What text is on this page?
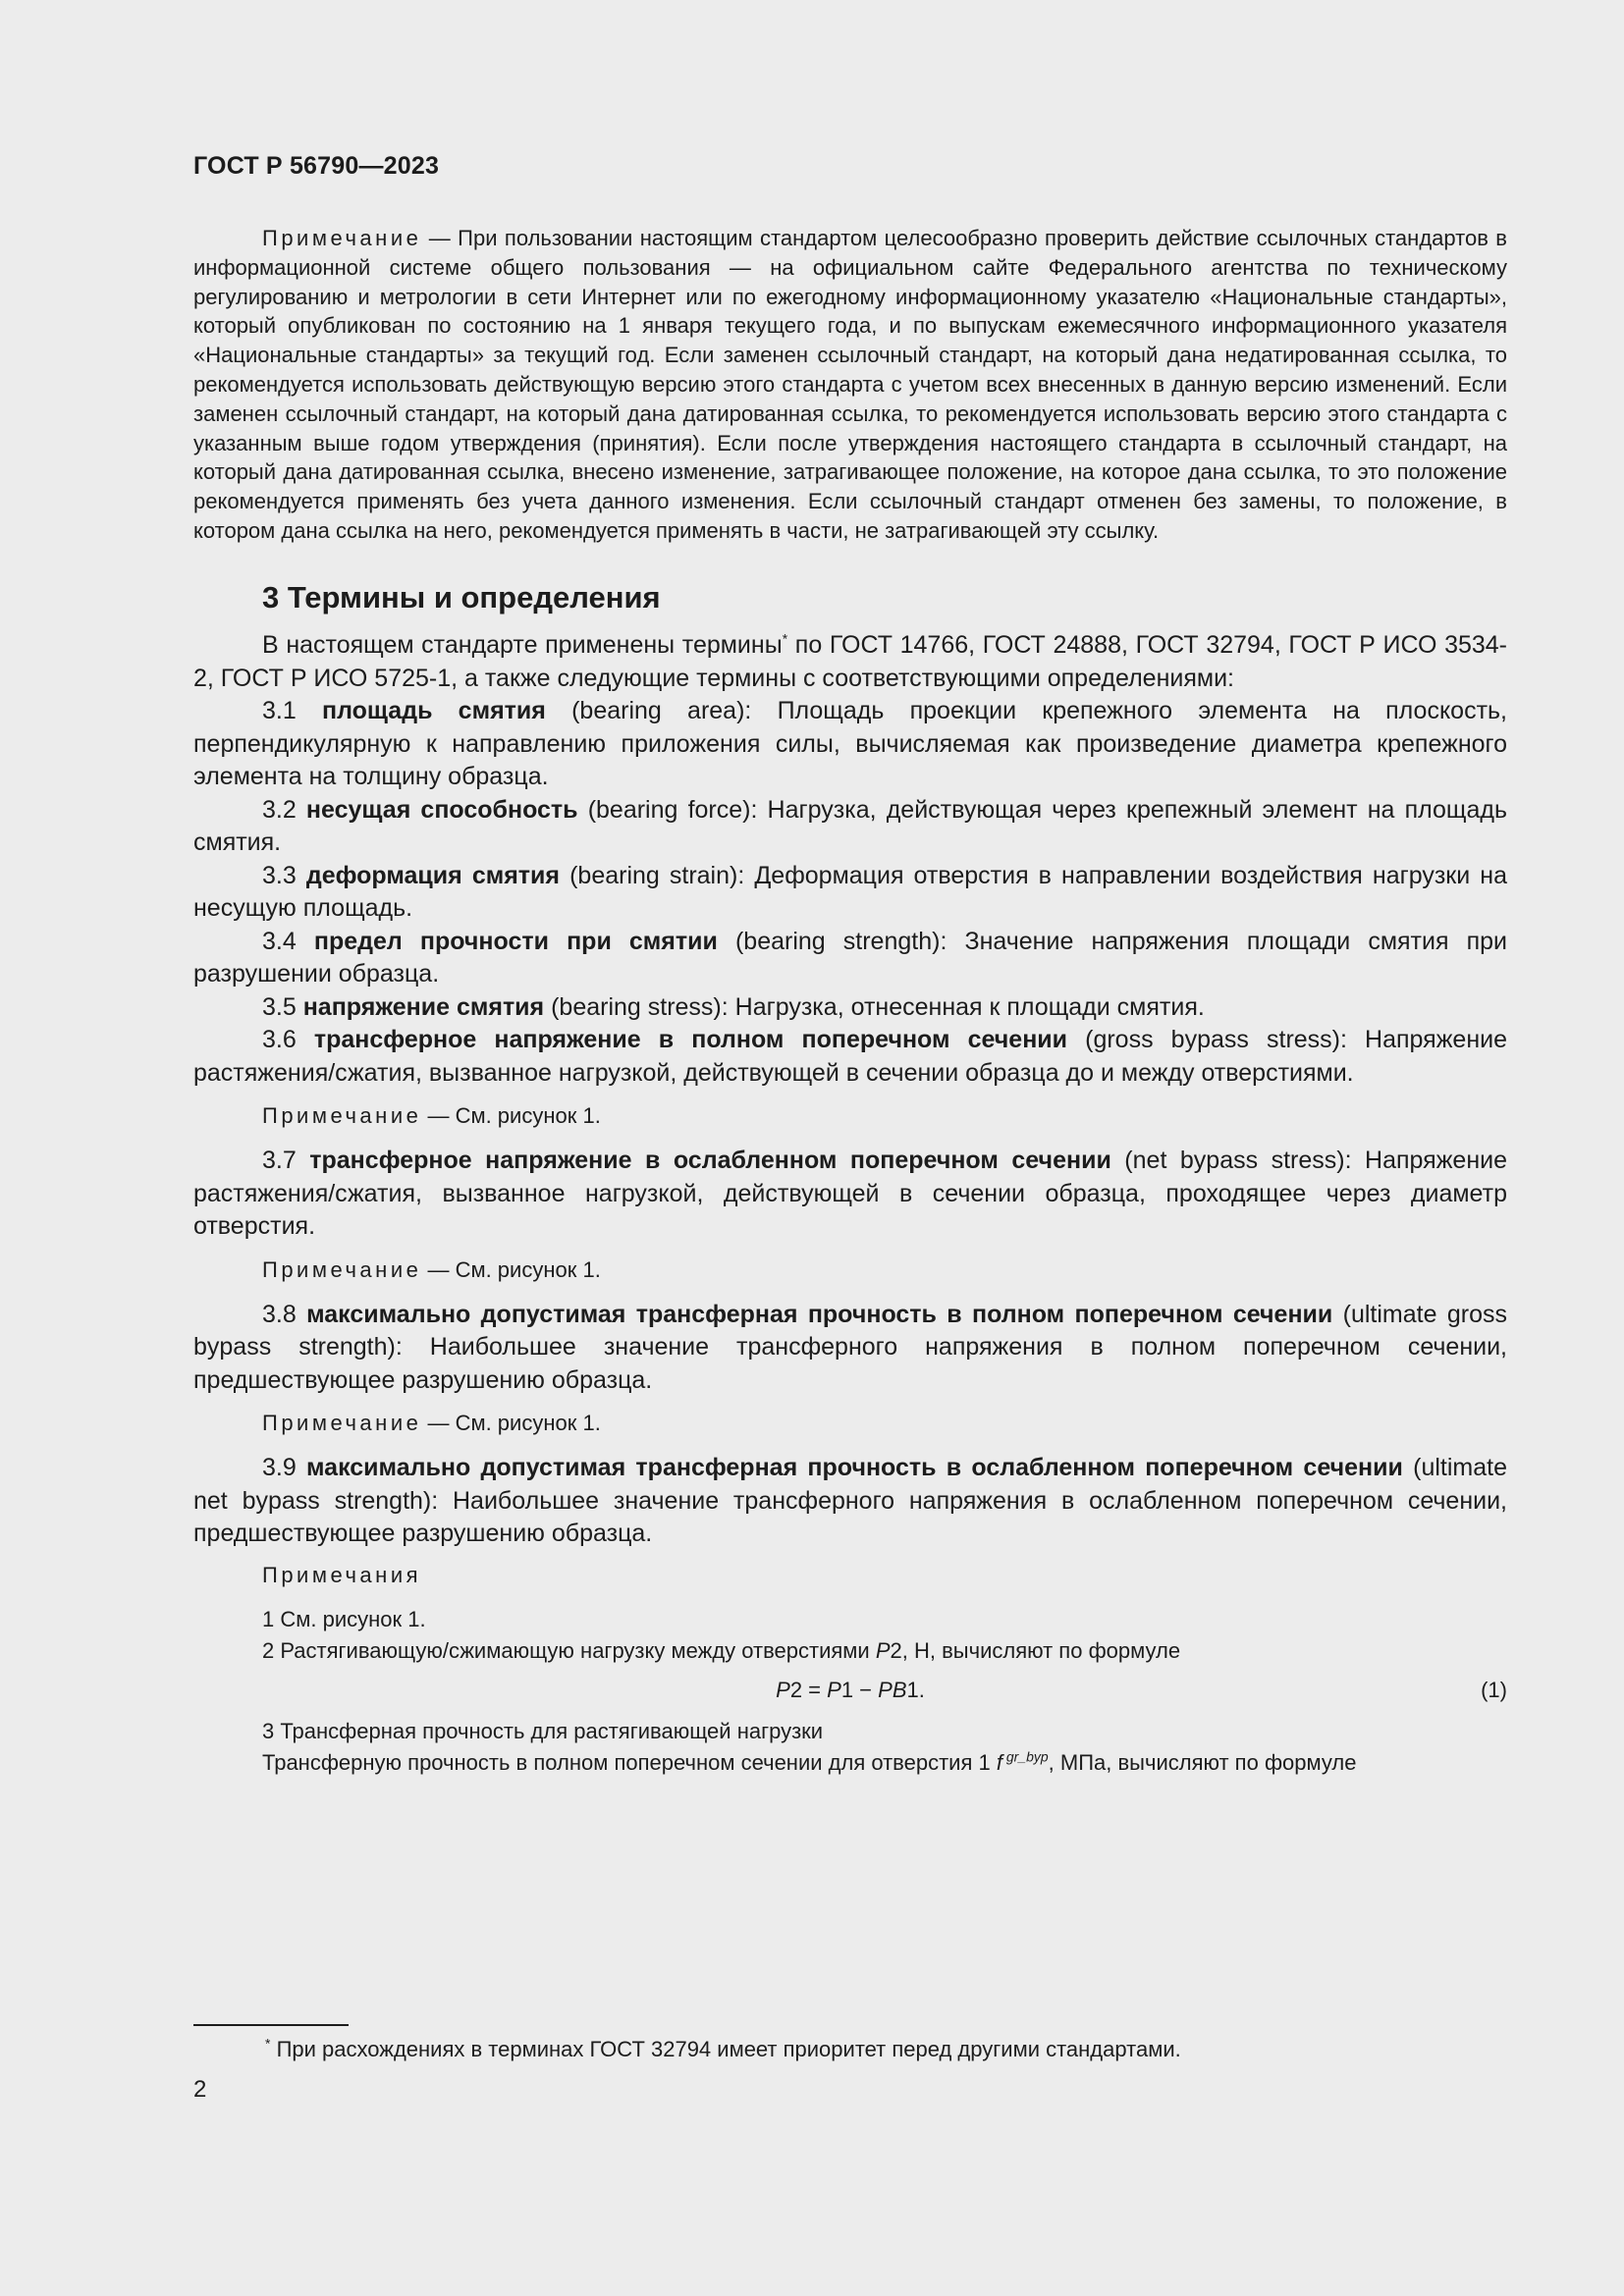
ГОСТ Р 56790—2023

Примечание — При пользовании настоящим стандартом целесообразно проверить действие ссылочных стандартов в информационной системе общего пользования — на официальном сайте Федерального агентства по техническому регулированию и метрологии в сети Интернет или по ежегодному информационному указателю «Национальные стандарты», который опубликован по состоянию на 1 января текущего года, и по выпускам ежемесячного информационного указателя «Национальные стандарты» за текущий год. Если заменен ссылочный стандарт, на который дана недатированная ссылка, то рекомендуется использовать действующую версию этого стандарта с учетом всех внесенных в данную версию изменений. Если заменен ссылочный стандарт, на который дана датированная ссылка, то рекомендуется использовать версию этого стандарта с указанным выше годом утверждения (принятия). Если после утверждения настоящего стандарта в ссылочный стандарт, на который дана датированная ссылка, внесено изменение, затрагивающее положение, на которое дана ссылка, то это положение рекомендуется применять без учета данного изменения. Если ссылочный стандарт отменен без замены, то положение, в котором дана ссылка на него, рекомендуется применять в части, не затрагивающей эту ссылку.

3 Термины и определения

В настоящем стандарте применены термины* по ГОСТ 14766, ГОСТ 24888, ГОСТ 32794, ГОСТ Р ИСО 3534-2, ГОСТ Р ИСО 5725-1, а также следующие термины с соответствующими определениями:

3.1 площадь смятия (bearing area): Площадь проекции крепежного элемента на плоскость, перпендикулярную к направлению приложения силы, вычисляемая как произведение диаметра крепежного элемента на толщину образца.

3.2 несущая способность (bearing force): Нагрузка, действующая через крепежный элемент на площадь смятия.

3.3 деформация смятия (bearing strain): Деформация отверстия в направлении воздействия нагрузки на несущую площадь.

3.4 предел прочности при смятии (bearing strength): Значение напряжения площади смятия при разрушении образца.

3.5 напряжение смятия (bearing stress): Нагрузка, отнесенная к площади смятия.

3.6 трансферное напряжение в полном поперечном сечении (gross bypass stress): Напряжение растяжения/сжатия, вызванное нагрузкой, действующей в сечении образца до и между отверстиями.

Примечание — См. рисунок 1.

3.7 трансферное напряжение в ослабленном поперечном сечении (net bypass stress): Напряжение растяжения/сжатия, вызванное нагрузкой, действующей в сечении образца, проходящее через диаметр отверстия.

Примечание — См. рисунок 1.

3.8 максимально допустимая трансферная прочность в полном поперечном сечении (ultimate gross bypass strength): Наибольшее значение трансферного напряжения в полном поперечном сечении, предшествующее разрушению образца.

Примечание — См. рисунок 1.

3.9 максимально допустимая трансферная прочность в ослабленном поперечном сечении (ultimate net bypass strength): Наибольшее значение трансферного напряжения в ослабленном поперечном сечении, предшествующее разрушению образца.

Примечания

1 См. рисунок 1.

2 Растягивающую/сжимающую нагрузку между отверстиями P2, Н, вычисляют по формуле

P2 = P1 − PB1.	(1)

3 Трансферная прочность для растягивающей нагрузки

Трансферную прочность в полном поперечном сечении для отверстия 1 f $^{gr\_byp}$, МПа, вычисляют по формуле

* При расхождениях в терминах ГОСТ 32794 имеет приоритет перед другими стандартами.
2
